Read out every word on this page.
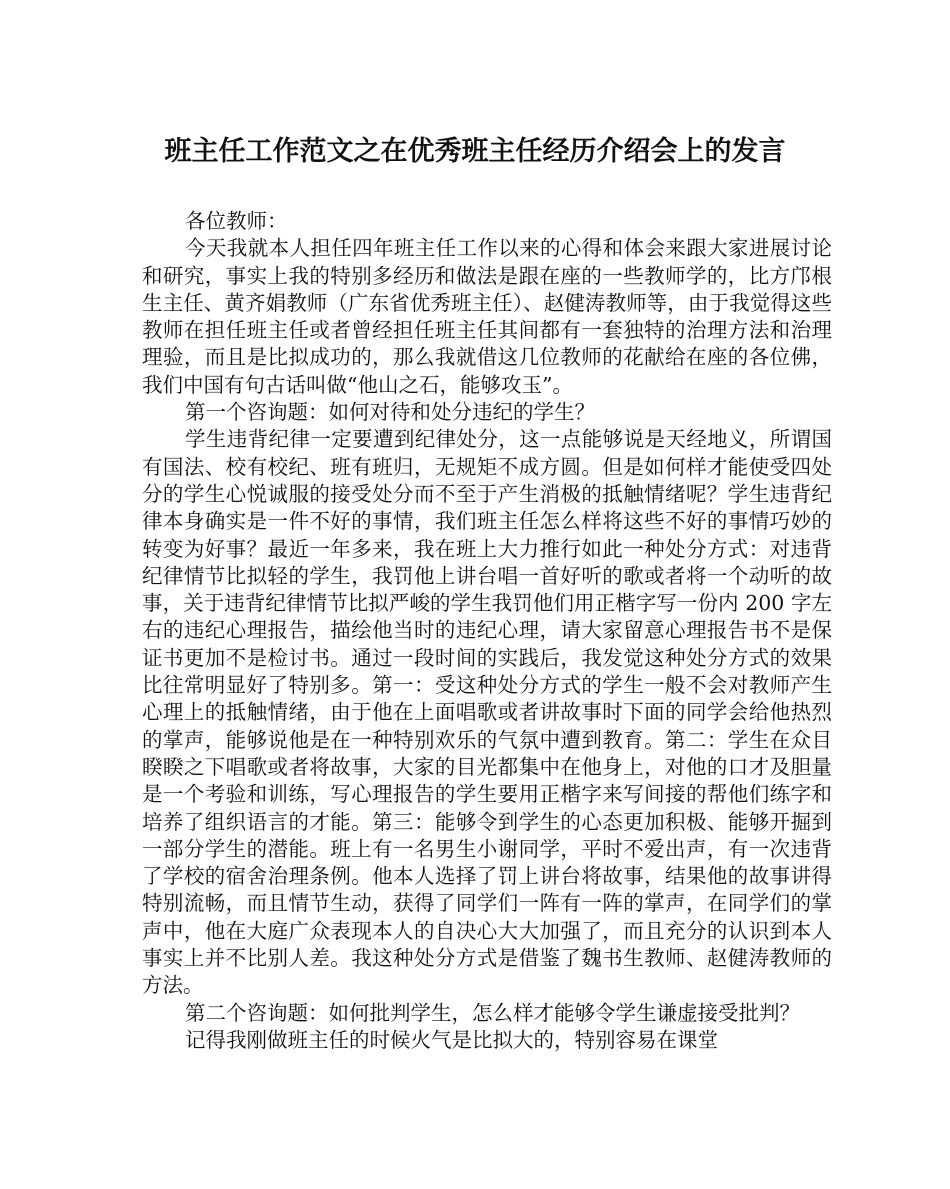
班主任工作范文之在优秀班主任经历介绍会上的发言

各位教师：

今天我就本人担任四年班主任工作以来的心得和体会来跟大家进展讨论和研究，事实上我的特别多经历和做法是跟在座的一些教师学的，比方邝根生主任、黄齐娟教师（广东省优秀班主任）、赵健涛教师等，由于我觉得这些教师在担任班主任或者曾经担任班主任其间都有一套独特的治理方法和治理理验，而且是比拟成功的，那么我就借这几位教师的花献给在座的各位佛，我们中国有句古话叫做“他山之石，能够攻玉”。

第一个咨询题：如何对待和处分违纪的学生？

学生违背纪律一定要遭到纪律处分，这一点能够说是天经地义，所谓国有国法、校有校纪、班有班归，无规矩不成方圆。但是如何样才能使受四处分的学生心悦诚服的接受处分而不至于产生消极的抵触情绪呢？学生违背纪律本身确实是一件不好的事情，我们班主任怎么样将这些不好的事情巧妙的转变为好事？最近一年多来，我在班上大力推行如此一种处分方式：对违背纪律情节比拟轻的学生，我罚他上讲台唱一首好听的歌或者将一个动听的故事，关于违背纪律情节比拟严峻的学生我罚他们用正楷字写一份内 200 字左右的违纪心理报告，描绘他当时的违纪心理，请大家留意心理报告书不是保证书更加不是检讨书。通过一段时间的实践后，我发觉这种处分方式的效果比往常明显好了特别多。第一：受这种处分方式的学生一般不会对教师产生心理上的抵触情绪，由于他在上面唱歌或者讲故事时下面的同学会给他热烈的掌声，能够说他是在一种特别欢乐的气氛中遭到教育。第二：学生在众目睽睽之下唱歌或者将故事，大家的目光都集中在他身上，对他的口才及胆量是一个考验和训练，写心理报告的学生要用正楷字来写间接的帮他们练字和培养了组织语言的才能。第三：能够令到学生的心态更加积极、能够开掘到一部分学生的潜能。班上有一名男生小谢同学，平时不爱出声，有一次违背了学校的宿舍治理条例。他本人选择了罚上讲台将故事，结果他的故事讲得特别流畅，而且情节生动，获得了同学们一阵有一阵的掌声，在同学们的掌声中，他在大庭广众表现本人的自决心大大加强了，而且充分的认识到本人事实上并不比别人差。我这种处分方式是借鉴了魏书生教师、赵健涛教师的方法。

第二个咨询题：如何批判学生，怎么样才能够令学生谦虚接受批判？

记得我刚做班主任的时候火气是比拟大的，特别容易在课堂
